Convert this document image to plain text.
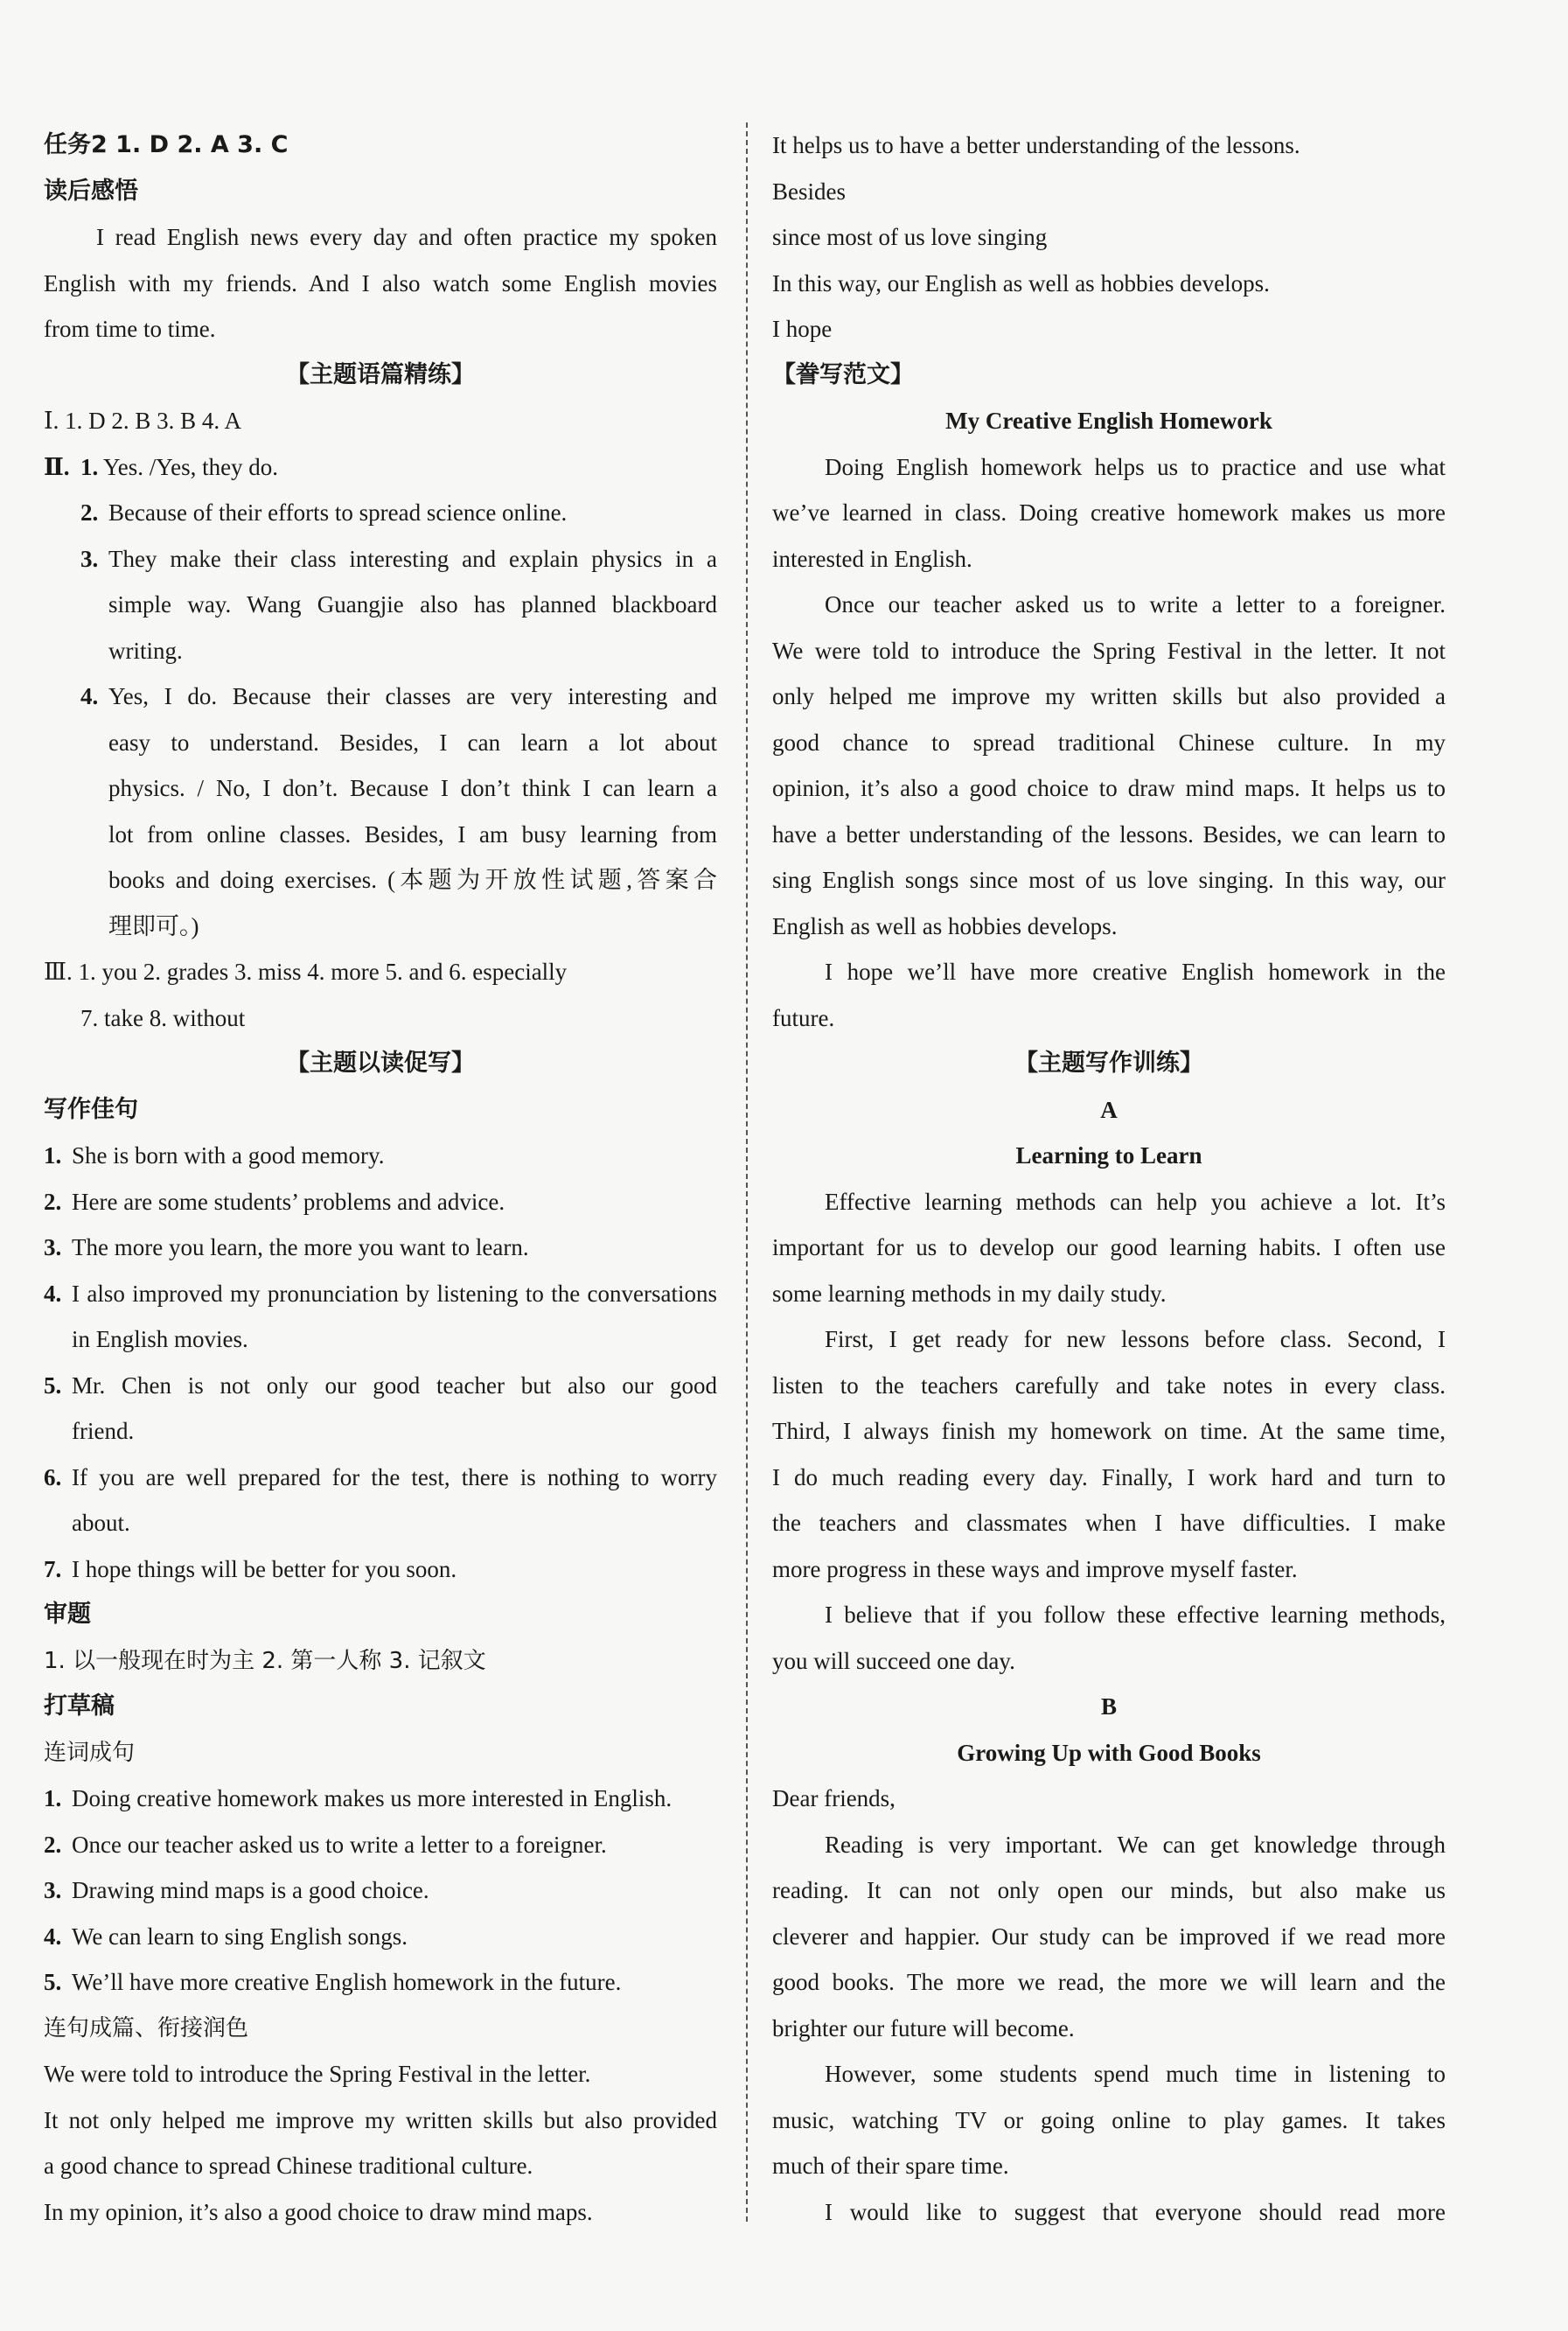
任务2 1. D 2. A 3. C

读后感悟

I read English news every day and often practice my spoken

English with my friends. And I also watch some English movies

from time to time.

【主题语篇精练】

Ⅰ. 1. D 2. B 3. B 4. A

Ⅱ. 1. Yes. /Yes, they do.
2. Because of their efforts to spread science online.
3. They make their class interesting and explain physics in a

simple way. Wang Guangjie also has planned blackboard

writing.

4. Yes, I do. Because their classes are very interesting and

easy to understand. Besides, I can learn a lot about

physics. / No, I don’t. Because I don’t think I can learn a

lot from online classes. Besides, I am busy learning from

books and doing exercises. (本题为开放性试题,答案合

理即可。)

Ⅲ. 1. you 2. grades 3. miss 4. more 5. and 6. especially

7. take 8. without

【主题以读促写】

写作佳句

1. She is born with a good memory.
2. Here are some students’ problems and advice.
3. The more you learn, the more you want to learn.
4. I also improved my pronunciation by listening to the conversations

in English movies.

5. Mr. Chen is not only our good teacher but also our good

friend.

6. If you are well prepared for the test, there is nothing to worry

about.

7. I hope things will be better for you soon.

审题

1. 以一般现在时为主 2. 第一人称 3. 记叙文

打草稿

连词成句

1. Doing creative homework makes us more interested in English.
2. Once our teacher asked us to write a letter to a foreigner.
3. Drawing mind maps is a good choice.
4. We can learn to sing English songs.
5. We’ll have more creative English homework in the future.

连句成篇、衔接润色

We were told to introduce the Spring Festival in the letter.

It not only helped me improve my written skills but also provided

a good chance to spread Chinese traditional culture.

In my opinion, it’s also a good choice to draw mind maps.

It helps us to have a better understanding of the lessons.

Besides

since most of us love singing

In this way, our English as well as hobbies develops.

I hope

【誊写范文】

My Creative English Homework

Doing English homework helps us to practice and use what

we’ve learned in class. Doing creative homework makes us more

interested in English.

Once our teacher asked us to write a letter to a foreigner.

We were told to introduce the Spring Festival in the letter. It not

only helped me improve my written skills but also provided a

good chance to spread traditional Chinese culture. In my

opinion, it’s also a good choice to draw mind maps. It helps us to

have a better understanding of the lessons. Besides, we can learn to

sing English songs since most of us love singing. In this way, our

English as well as hobbies develops.

I hope we’ll have more creative English homework in the

future.

【主题写作训练】

A

Learning to Learn

Effective learning methods can help you achieve a lot. It’s

important for us to develop our good learning habits. I often use

some learning methods in my daily study.

First, I get ready for new lessons before class. Second, I

listen to the teachers carefully and take notes in every class.

Third, I always finish my homework on time. At the same time,

I do much reading every day. Finally, I work hard and turn to

the teachers and classmates when I have difficulties. I make

more progress in these ways and improve myself faster.

I believe that if you follow these effective learning methods,

you will succeed one day.

B

Growing Up with Good Books

Dear friends,

Reading is very important. We can get knowledge through

reading. It can not only open our minds, but also make us

cleverer and happier. Our study can be improved if we read more

good books. The more we read, the more we will learn and the

brighter our future will become.

However, some students spend much time in listening to

music, watching TV or going online to play games. It takes

much of their spare time.

I would like to suggest that everyone should read more
